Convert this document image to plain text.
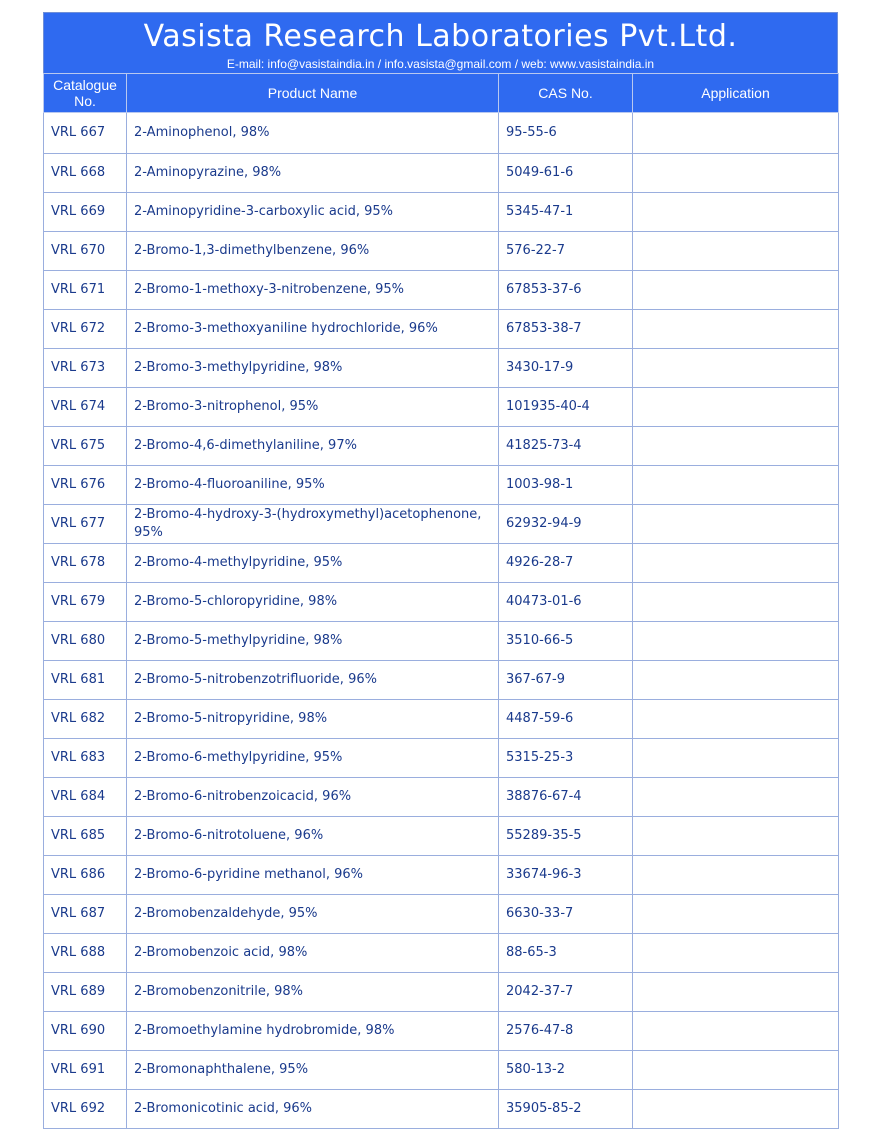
Vasista Research Laboratories Pvt.Ltd.
E-mail: info@vasistaindia.in / info.vasista@gmail.com / web: www.vasistaindia.in
Catalogue No.	Product Name	CAS No.	Application
VRL 667	2-Aminophenol, 98%	95-55-6	
VRL 668	2-Aminopyrazine, 98%	5049-61-6	
VRL 669	2-Aminopyridine-3-carboxylic acid, 95%	5345-47-1	
VRL 670	2-Bromo-1,3-dimethylbenzene, 96%	576-22-7	
VRL 671	2-Bromo-1-methoxy-3-nitrobenzene, 95%	67853-37-6	
VRL 672	2-Bromo-3-methoxyaniline hydrochloride, 96%	67853-38-7	
VRL 673	2-Bromo-3-methylpyridine, 98%	3430-17-9	
VRL 674	2-Bromo-3-nitrophenol, 95%	101935-40-4	
VRL 675	2-Bromo-4,6-dimethylaniline, 97%	41825-73-4	
VRL 676	2-Bromo-4-fluoroaniline, 95%	1003-98-1	
VRL 677	2-Bromo-4-hydroxy-3-(hydroxymethyl)acetophenone, 95%	62932-94-9	
VRL 678	2-Bromo-4-methylpyridine, 95%	4926-28-7	
VRL 679	2-Bromo-5-chloropyridine, 98%	40473-01-6	
VRL 680	2-Bromo-5-methylpyridine, 98%	3510-66-5	
VRL 681	2-Bromo-5-nitrobenzotrifluoride, 96%	367-67-9	
VRL 682	2-Bromo-5-nitropyridine, 98%	4487-59-6	
VRL 683	2-Bromo-6-methylpyridine, 95%	5315-25-3	
VRL 684	2-Bromo-6-nitrobenzoicacid, 96%	38876-67-4	
VRL 685	2-Bromo-6-nitrotoluene, 96%	55289-35-5	
VRL 686	2-Bromo-6-pyridine methanol, 96%	33674-96-3	
VRL 687	2-Bromobenzaldehyde, 95%	6630-33-7	
VRL 688	2-Bromobenzoic acid, 98%	88-65-3	
VRL 689	2-Bromobenzonitrile, 98%	2042-37-7	
VRL 690	2-Bromoethylamine hydrobromide, 98%	2576-47-8	
VRL 691	2-Bromonaphthalene, 95%	580-13-2	
VRL 692	2-Bromonicotinic acid, 96%	35905-85-2	
